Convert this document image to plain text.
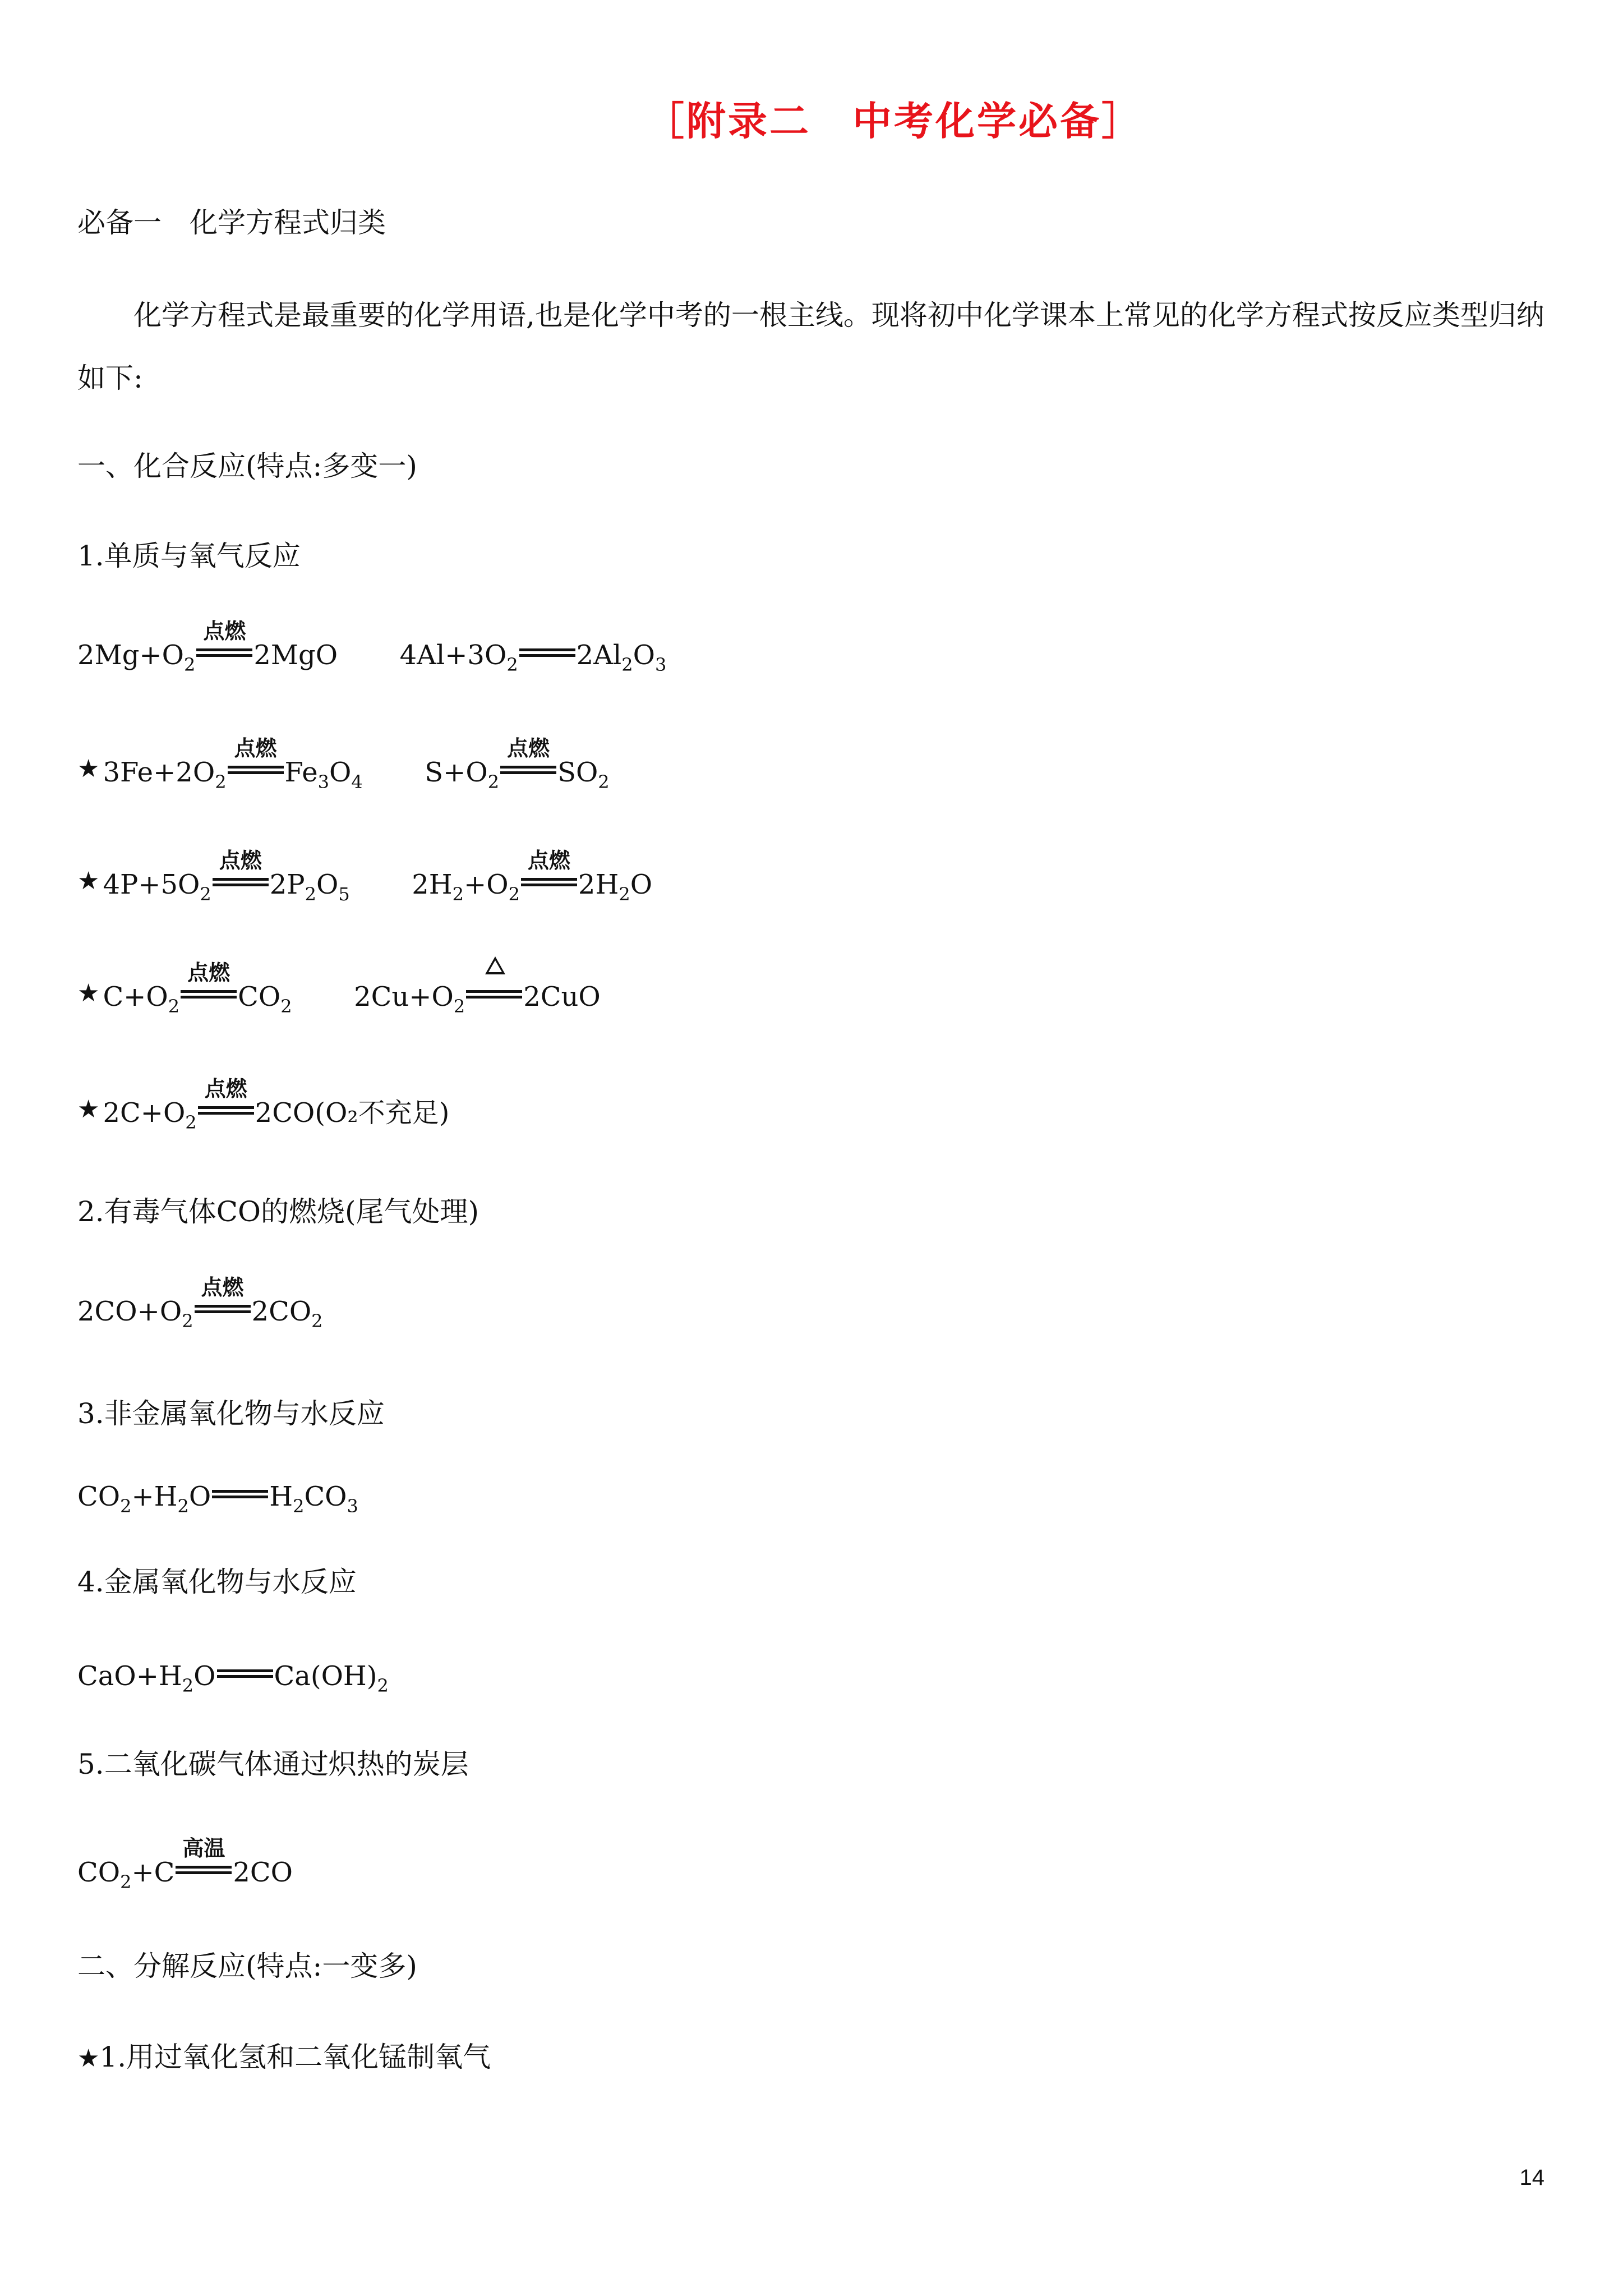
［附录二　中考化学必备］
必备一　化学方程式归类
化学方程式是最重要的化学用语,也是化学中考的一根主线。现将初中化学课本上常见的化学方程式按反应类型归纳如下:
一、化合反应(特点:多变一)
1.单质与氧气反应
$2Mg+O_2$
点燃
2MgO $4Al+3O_2$ $2Al_2O_3$
★ $3Fe+2O_2$
点燃
$Fe_3O_4$ $S+O_2$
点燃
$SO_2$
★ $4P+5O_2$
点燃
$2P_2O_5$ $2H_2+O_2$
点燃
$2H_2O$
★ $C+O_2$
点燃
$CO_2$ $2Cu+O_2$ 2CuO
★ $2C+O_2$
点燃
2CO(O₂不充足)
2.有毒气体CO的燃烧(尾气处理)
$2CO+O_2$
点燃
$2CO_2$
3.非金属氧化物与水反应
$CO_2+H_2O$ $H_2CO_3$
4.金属氧化物与水反应
$CaO+H_2O$ $Ca(OH)_2$
5.二氧化碳气体通过炽热的炭层
$CO_2+C$
高温
2CO
二、分解反应(特点:一变多)
★1.用过氧化氢和二氧化锰制氧气
14
